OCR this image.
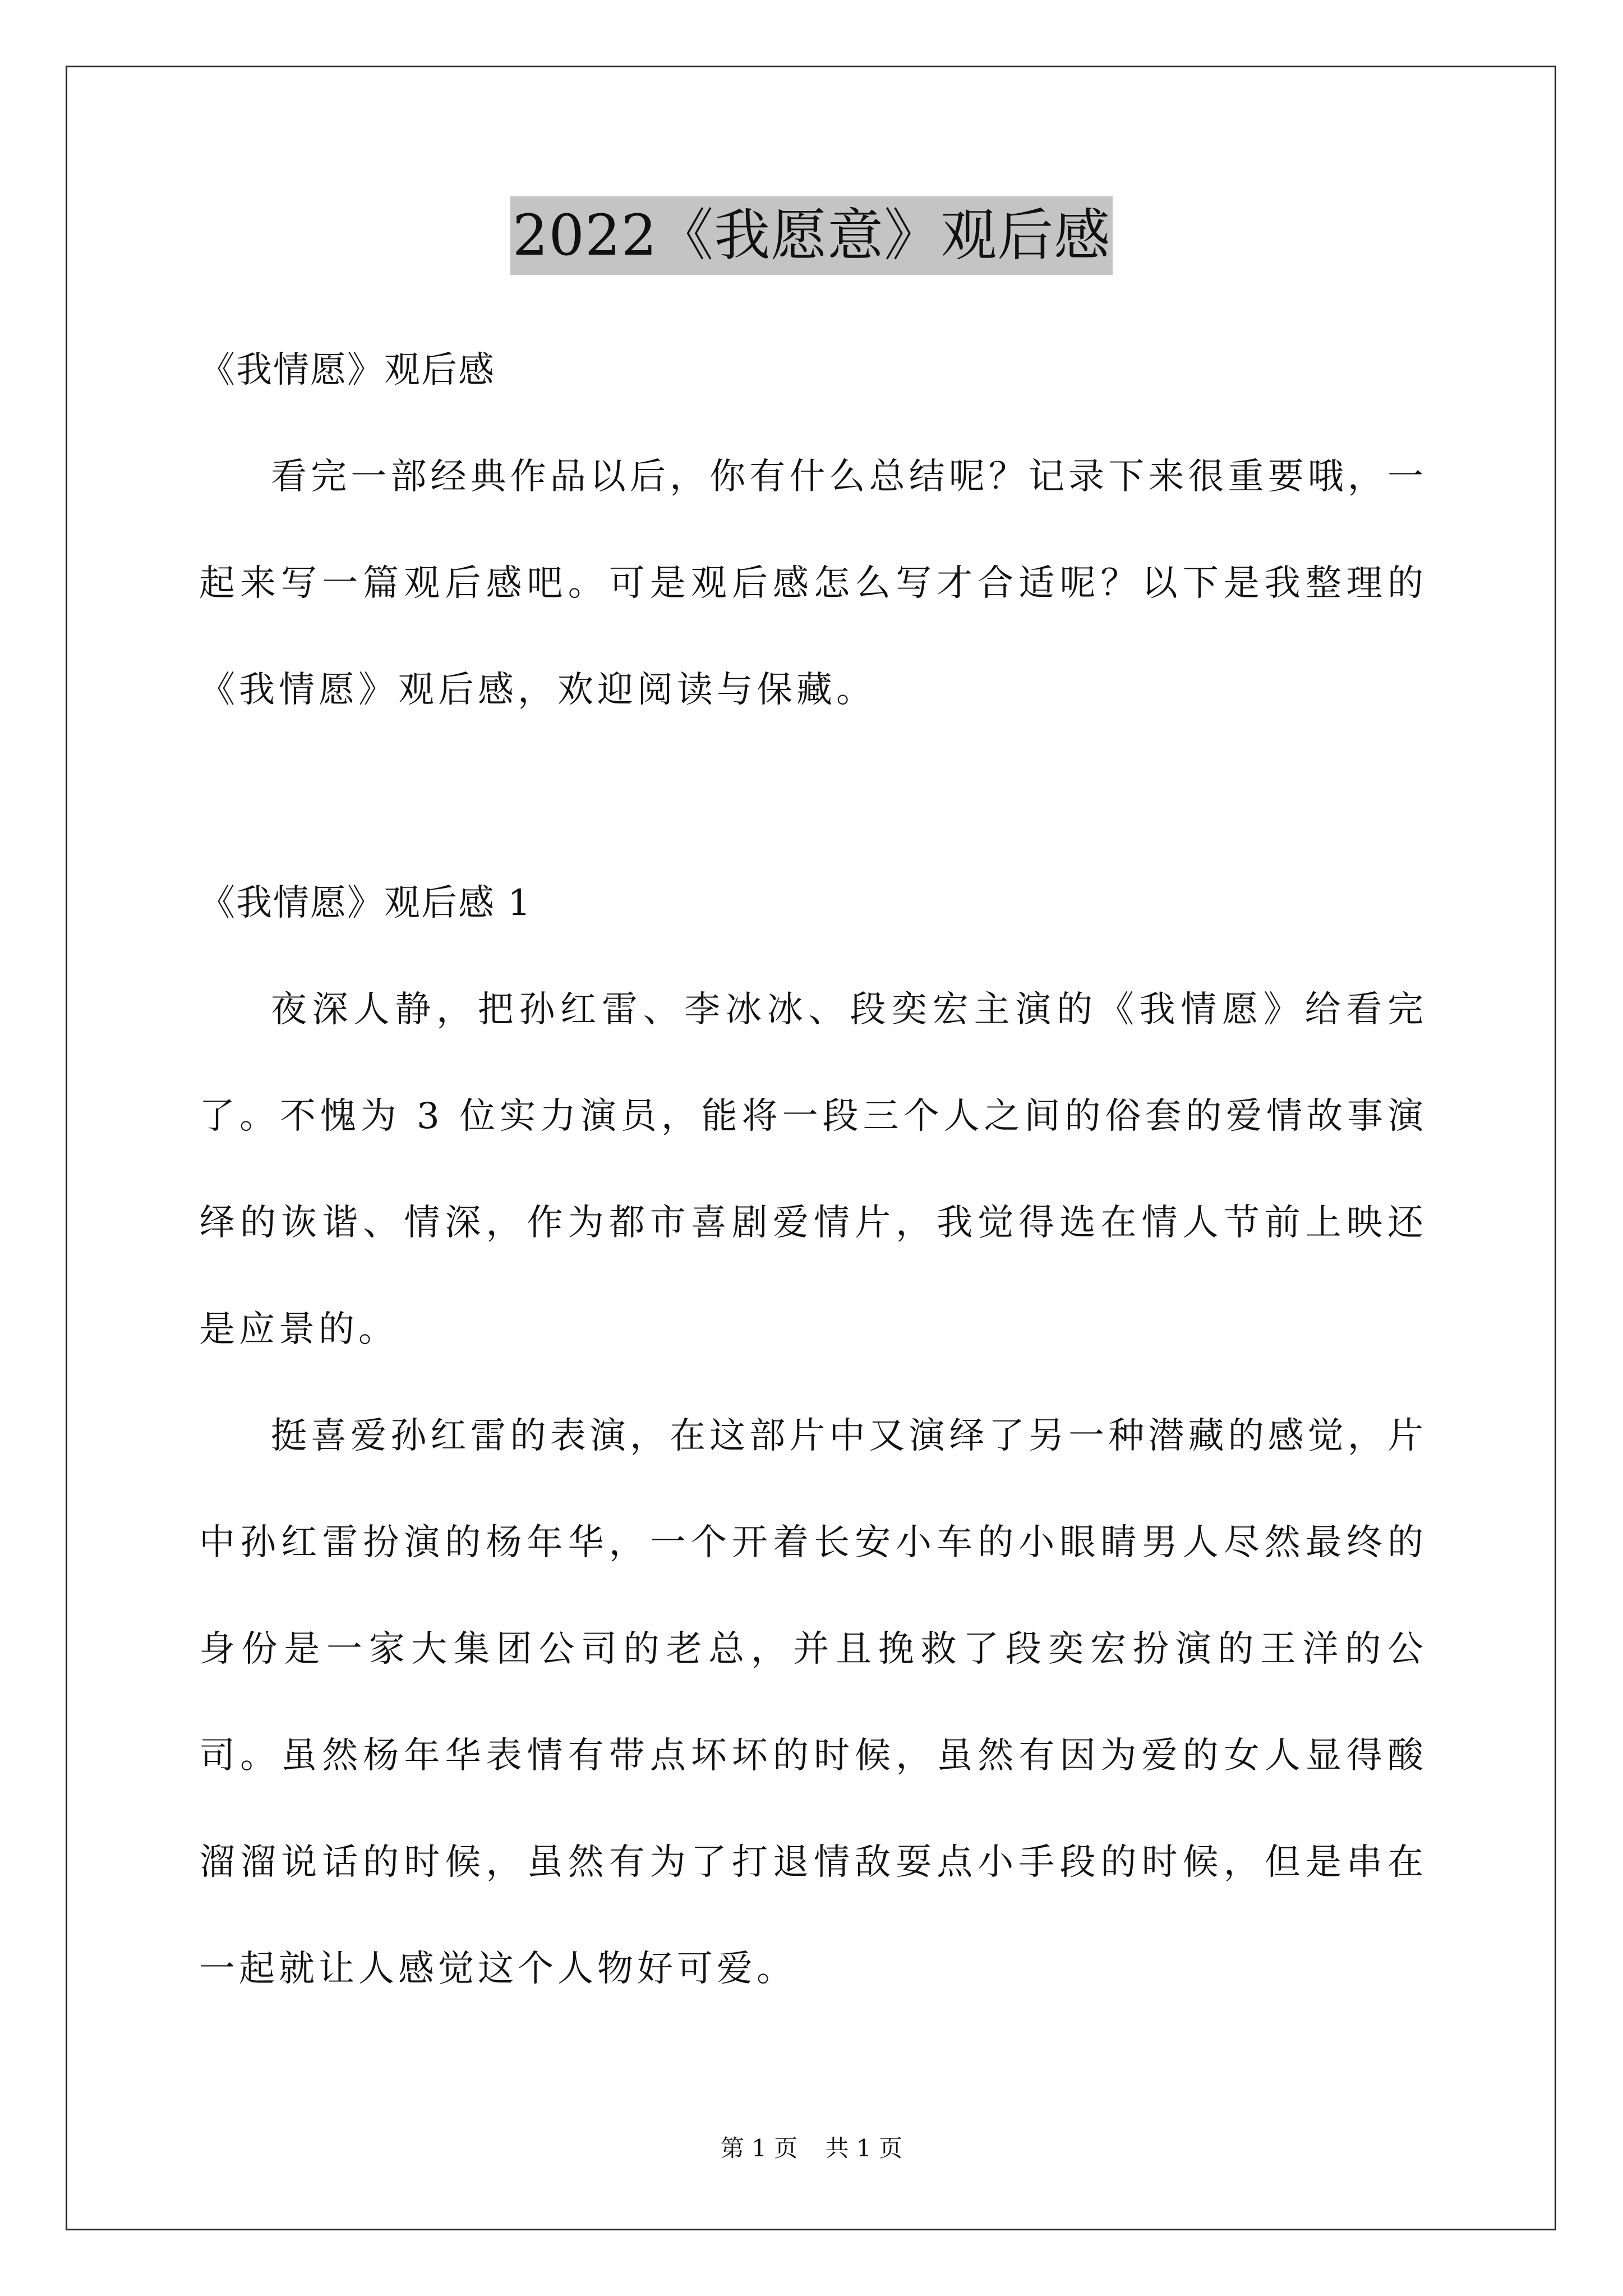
2022《我愿意》观后感

《我情愿》观后感

看完一部经典作品以后，你有什么总结呢？记录下来很重要哦，一起来写一篇观后感吧。可是观后感怎么写才合适呢？以下是我整理的《我情愿》观后感，欢迎阅读与保藏。

《我情愿》观后感 1

夜深人静，把孙红雷、李冰冰、段奕宏主演的《我情愿》给看完了。不愧为 3 位实力演员，能将一段三个人之间的俗套的爱情故事演绎的诙谐、情深，作为都市喜剧爱情片，我觉得选在情人节前上映还是应景的。

挺喜爱孙红雷的表演，在这部片中又演绎了另一种潜藏的感觉，片中孙红雷扮演的杨年华，一个开着长安小车的小眼睛男人尽然最终的身份是一家大集团公司的老总，并且挽救了段奕宏扮演的王洋的公司。虽然杨年华表情有带点坏坏的时候，虽然有因为爱的女人显得酸溜溜说话的时候，虽然有为了打退情敌耍点小手段的时候，但是串在一起就让人感觉这个人物好可爱。

第 1 页 共 1 页
